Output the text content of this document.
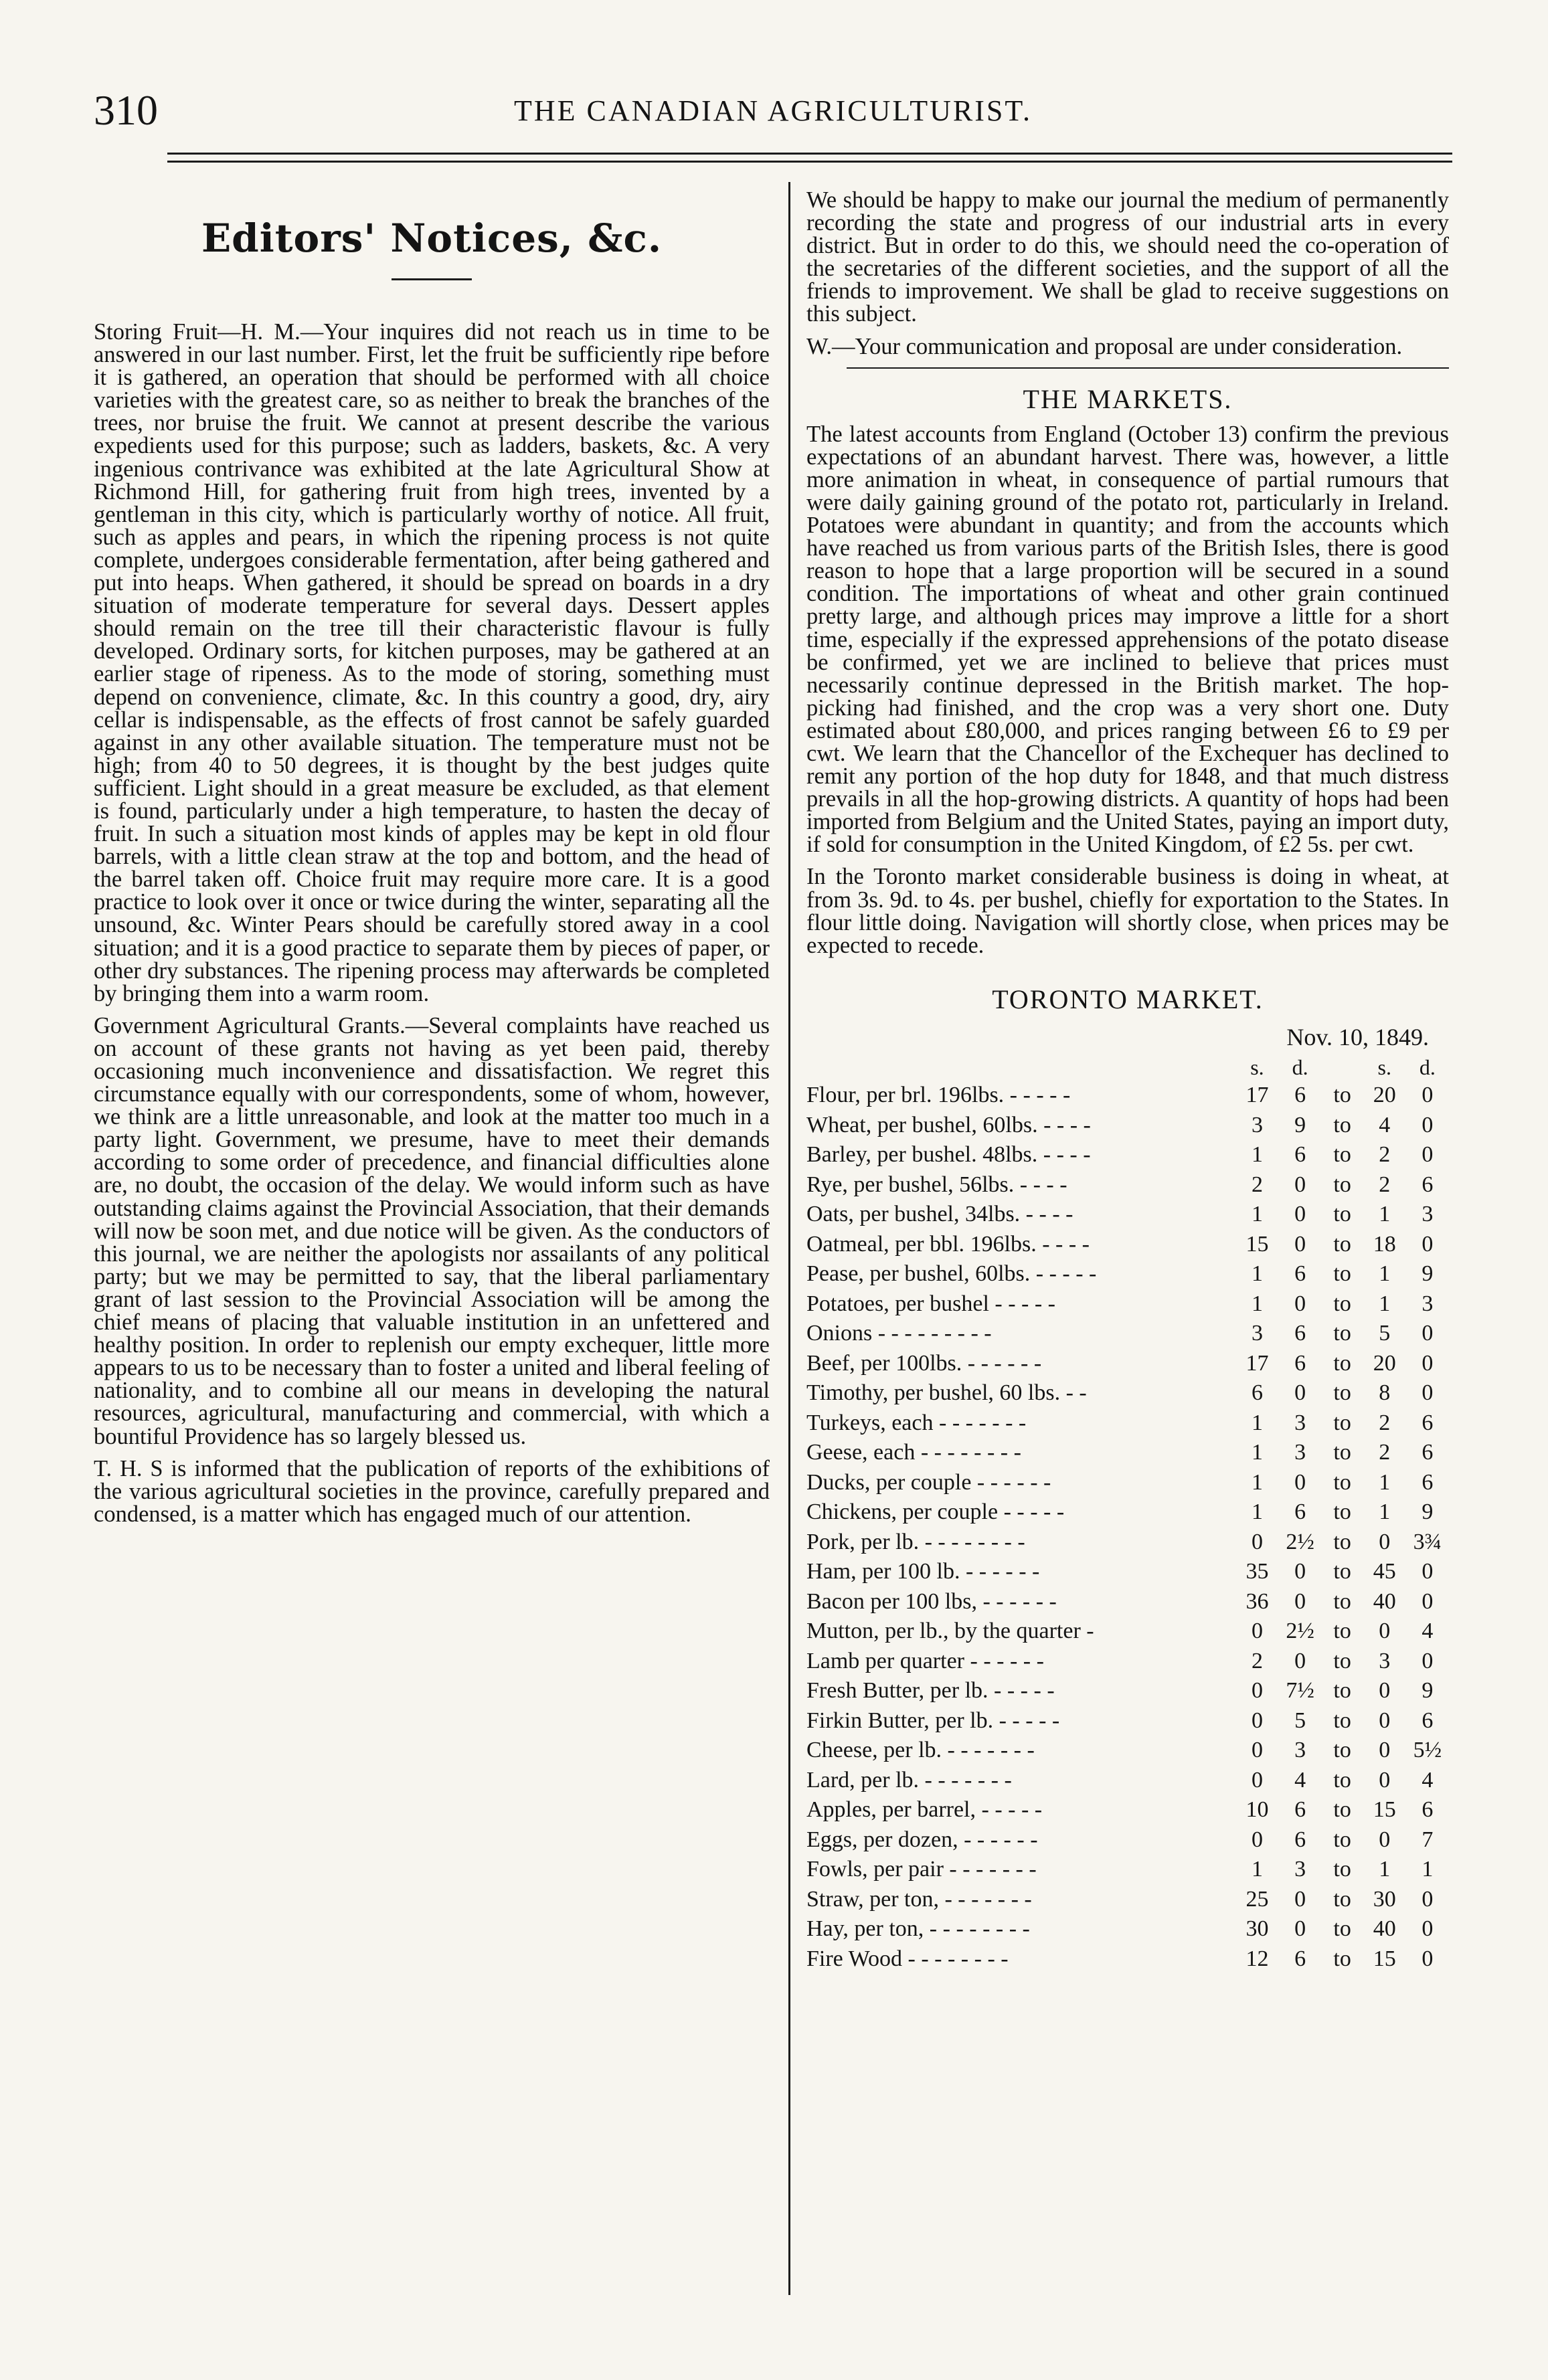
310	THE CANADIAN AGRICULTURIST.
Editors' Notices, &c.

Storing Fruit—H. M.—Your inquires did not reach us in time to be answered in our last number. First, let the fruit be sufficiently ripe before it is gathered, an operation that should be performed with all choice varieties with the greatest care, so as neither to break the branches of the trees, nor bruise the fruit. We cannot at present describe the various expedients used for this purpose; such as ladders, baskets, &c. A very ingenious contrivance was exhibited at the late Agricultural Show at Richmond Hill, for gathering fruit from high trees, invented by a gentleman in this city, which is particularly worthy of notice. All fruit, such as apples and pears, in which the ripening process is not quite complete, undergoes considerable fermentation, after being gathered and put into heaps. When gathered, it should be spread on boards in a dry situation of moderate temperature for several days. Dessert apples should remain on the tree till their characteristic flavour is fully developed. Ordinary sorts, for kitchen purposes, may be gathered at an earlier stage of ripeness. As to the mode of storing, something must depend on convenience, climate, &c. In this country a good, dry, airy cellar is indispensable, as the effects of frost cannot be safely guarded against in any other available situation. The temperature must not be high; from 40 to 50 degrees, it is thought by the best judges quite sufficient. Light should in a great measure be excluded, as that element is found, particularly under a high temperature, to hasten the decay of fruit. In such a situation most kinds of apples may be kept in old flour barrels, with a little clean straw at the top and bottom, and the head of the barrel taken off. Choice fruit may require more care. It is a good practice to look over it once or twice during the winter, separating all the unsound, &c. Winter Pears should be carefully stored away in a cool situation; and it is a good practice to separate them by pieces of paper, or other dry substances. The ripening process may afterwards be completed by bringing them into a warm room.

Government Agricultural Grants.—Several complaints have reached us on account of these grants not having as yet been paid, thereby occasioning much inconvenience and dissatisfaction. We regret this circumstance equally with our correspondents, some of whom, however, we think are a little unreasonable, and look at the matter too much in a party light. Government, we presume, have to meet their demands according to some order of precedence, and financial difficulties alone are, no doubt, the occasion of the delay. We would inform such as have outstanding claims against the Provincial Association, that their demands will now be soon met, and due notice will be given. As the conductors of this journal, we are neither the apologists nor assailants of any political party; but we may be permitted to say, that the liberal parliamentary grant of last session to the Provincial Association will be among the chief means of placing that valuable institution in an unfettered and healthy position. In order to replenish our empty exchequer, little more appears to us to be necessary than to foster a united and liberal feeling of nationality, and to combine all our means in developing the natural resources, agricultural, manufacturing and commercial, with which a bountiful Providence has so largely blessed us.

T. H. S is informed that the publication of reports of the exhibitions of the various agricultural societies in the province, carefully prepared and condensed, is a matter which has engaged much of our attention.

We should be happy to make our journal the medium of permanently recording the state and progress of our industrial arts in every district. But in order to do this, we should need the co-operation of the secretaries of the different societies, and the support of all the friends to improvement. We shall be glad to receive suggestions on this subject.

W.—Your communication and proposal are under consideration.

THE MARKETS.

The latest accounts from England (October 13) confirm the previous expectations of an abundant harvest. There was, however, a little more animation in wheat, in consequence of partial rumours that were daily gaining ground of the potato rot, particularly in Ireland. Potatoes were abundant in quantity; and from the accounts which have reached us from various parts of the British Isles, there is good reason to hope that a large proportion will be secured in a sound condition. The importations of wheat and other grain continued pretty large, and although prices may improve a little for a short time, especially if the expressed apprehensions of the potato disease be confirmed, yet we are inclined to believe that prices must necessarily continue depressed in the British market. The hop-picking had finished, and the crop was a very short one. Duty estimated about £80,000, and prices ranging between £6 to £9 per cwt. We learn that the Chancellor of the Exchequer has declined to remit any portion of the hop duty for 1848, and that much distress prevails in all the hop-growing districts. A quantity of hops had been imported from Belgium and the United States, paying an import duty, if sold for consumption in the United Kingdom, of £2 5s. per cwt.

In the Toronto market considerable business is doing in wheat, at from 3s. 9d. to 4s. per bushel, chiefly for exportation to the States. In flour little doing. Navigation will shortly close, when prices may be expected to recede.

TORONTO MARKET.
Nov. 10, 1849.
	s.	d.		s.	d.
Flour, per brl. 196lbs. - - - - -	17	6	to	20	0
Wheat, per bushel, 60lbs. - - - -	3	9	to	4	0
Barley, per bushel. 48lbs. - - - -	1	6	to	2	0
Rye, per bushel, 56lbs. - - - -	2	0	to	2	6
Oats, per bushel, 34lbs. - - - -	1	0	to	1	3
Oatmeal, per bbl. 196lbs. - - - -	15	0	to	18	0
Pease, per bushel, 60lbs. - - - - -	1	6	to	1	9
Potatoes, per bushel - - - - -	1	0	to	1	3
Onions - - - - - - - - -	3	6	to	5	0
Beef, per 100lbs. - - - - - -	17	6	to	20	0
Timothy, per bushel, 60 lbs. - -	6	0	to	8	0
Turkeys, each - - - - - - -	1	3	to	2	6
Geese, each - - - - - - - -	1	3	to	2	6
Ducks, per couple - - - - - -	1	0	to	1	6
Chickens, per couple - - - - -	1	6	to	1	9
Pork, per lb. - - - - - - - -	0	2½	to	0	3¾
Ham, per 100 lb. - - - - - -	35	0	to	45	0
Bacon per 100 lbs, - - - - - -	36	0	to	40	0
Mutton, per lb., by the quarter -	0	2½	to	0	4
Lamb per quarter - - - - - -	2	0	to	3	0
Fresh Butter, per lb. - - - - -	0	7½	to	0	9
Firkin Butter, per lb. - - - - -	0	5	to	0	6
Cheese, per lb. - - - - - - -	0	3	to	0	5½
Lard, per lb. - - - - - - -	0	4	to	0	4
Apples, per barrel, - - - - -	10	6	to	15	6
Eggs, per dozen, - - - - - -	0	6	to	0	7
Fowls, per pair - - - - - - -	1	3	to	1	1
Straw, per ton, - - - - - - -	25	0	to	30	0
Hay, per ton, - - - - - - - -	30	0	to	40	0
Fire Wood - - - - - - - -	12	6	to	15	0
